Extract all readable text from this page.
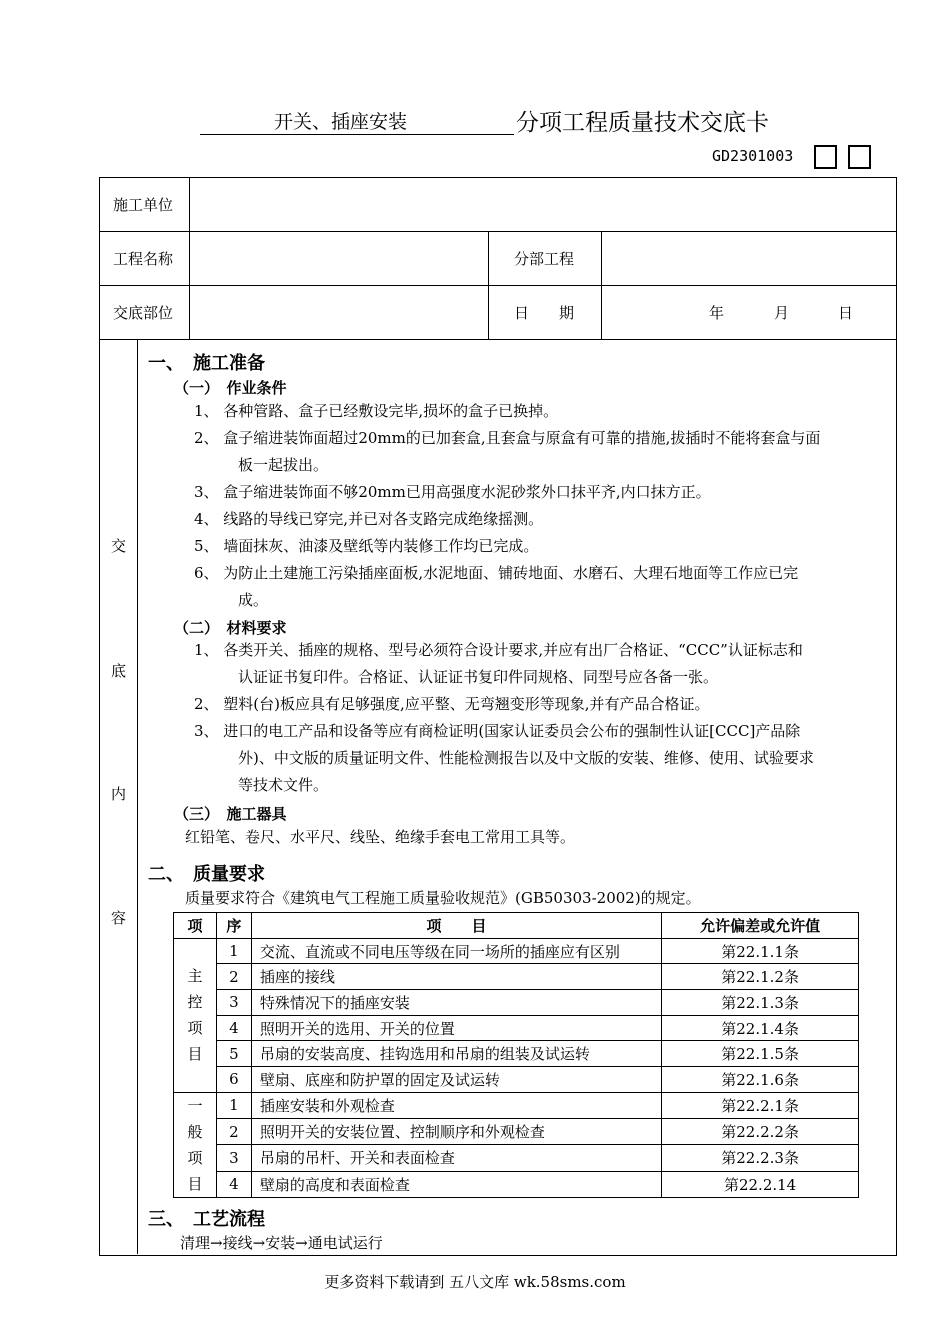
开关、插座安装	分项工程质量技术交底卡
GD2301003
施工单位
工程名称	分部工程
交底部位	日　　期	年	月	日
交
底
内
容
一、　施工准备
（一）　作业条件
1、 各种管路、盒子已经敷设完毕,损坏的盒子已换掉。
2、 盒子缩进装饰面超过20mm的已加套盒,且套盒与原盒有可靠的措施,拔插时不能将套盒与面
板一起拔出。
3、 盒子缩进装饰面不够20mm已用高强度水泥砂浆外口抹平齐,内口抹方正。
4、 线路的导线已穿完,并已对各支路完成绝缘摇测。
5、 墙面抹灰、油漆及壁纸等内装修工作均已完成。
6、 为防止土建施工污染插座面板,水泥地面、铺砖地面、水磨石、大理石地面等工作应已完
成。
（二）　材料要求
1、 各类开关、插座的规格、型号必须符合设计要求,并应有出厂合格证、“CCC”认证标志和
认证证书复印件。合格证、认证证书复印件同规格、同型号应各备一张。
2、 塑料(台)板应具有足够强度,应平整、无弯翘变形等现象,并有产品合格证。
3、 进口的电工产品和设备等应有商检证明(国家认证委员会公布的强制性认证[CCC]产品除
外)、中文版的质量证明文件、性能检测报告以及中文版的安装、维修、使用、试验要求
等技术文件。
（三）　施工器具
红铅笔、卷尺、水平尺、线坠、绝缘手套电工常用工具等。
二、　质量要求
质量要求符合《建筑电气工程施工质量验收规范》(GB50303-2002)的规定。
项	序	项　　目	允许偏差或允许值
主控项目	1	交流、直流或不同电压等级在同一场所的插座应有区别	第22.1.1条
	2	插座的接线	第22.1.2条
	3	特殊情况下的插座安装	第22.1.3条
	4	照明开关的选用、开关的位置	第22.1.4条
	5	吊扇的安装高度、挂钩选用和吊扇的组装及试运转	第22.1.5条
	6	壁扇、底座和防护罩的固定及试运转	第22.1.6条
一般项目	1	插座安装和外观检查	第22.2.1条
	2	照明开关的安装位置、控制顺序和外观检查	第22.2.2条
	3	吊扇的吊杆、开关和表面检查	第22.2.3条
	4	壁扇的高度和表面检查	第22.2.14
三、　工艺流程
清理→接线→安装→通电试运行
更多资料下载请到 五八文库 wk.58sms.com
